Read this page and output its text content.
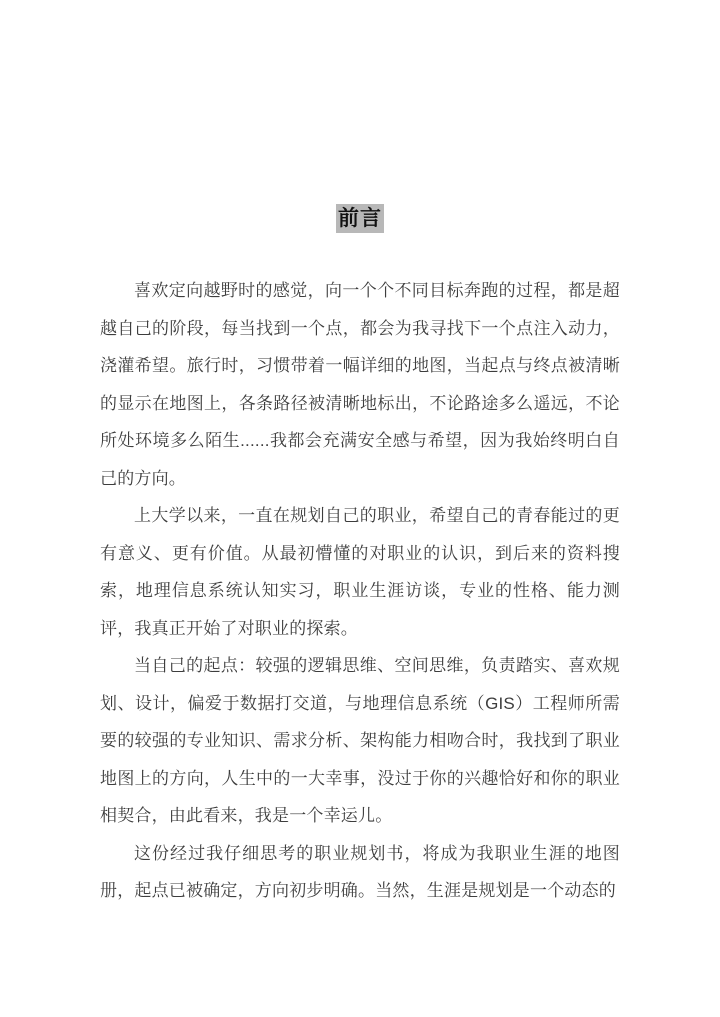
前言

喜欢定向越野时的感觉，向一个个不同目标奔跑的过程，都是超越自己的阶段，每当找到一个点，都会为我寻找下一个点注入动力，浇灌希望。旅行时，习惯带着一幅详细的地图，当起点与终点被清晰的显示在地图上，各条路径被清晰地标出，不论路途多么遥远，不论所处环境多么陌生......我都会充满安全感与希望，因为我始终明白自己的方向。

上大学以来，一直在规划自己的职业，希望自己的青春能过的更有意义、更有价值。从最初懵懂的对职业的认识，到后来的资料搜索，地理信息系统认知实习，职业生涯访谈，专业的性格、能力测评，我真正开始了对职业的探索。

当自己的起点：较强的逻辑思维、空间思维，负责踏实、喜欢规划、设计，偏爱于数据打交道，与地理信息系统（GIS）工程师所需要的较强的专业知识、需求分析、架构能力相吻合时，我找到了职业地图上的方向，人生中的一大幸事，没过于你的兴趣恰好和你的职业相契合，由此看来，我是一个幸运儿。

这份经过我仔细思考的职业规划书，将成为我职业生涯的地图册，起点已被确定，方向初步明确。当然，生涯是规划是一个动态的
